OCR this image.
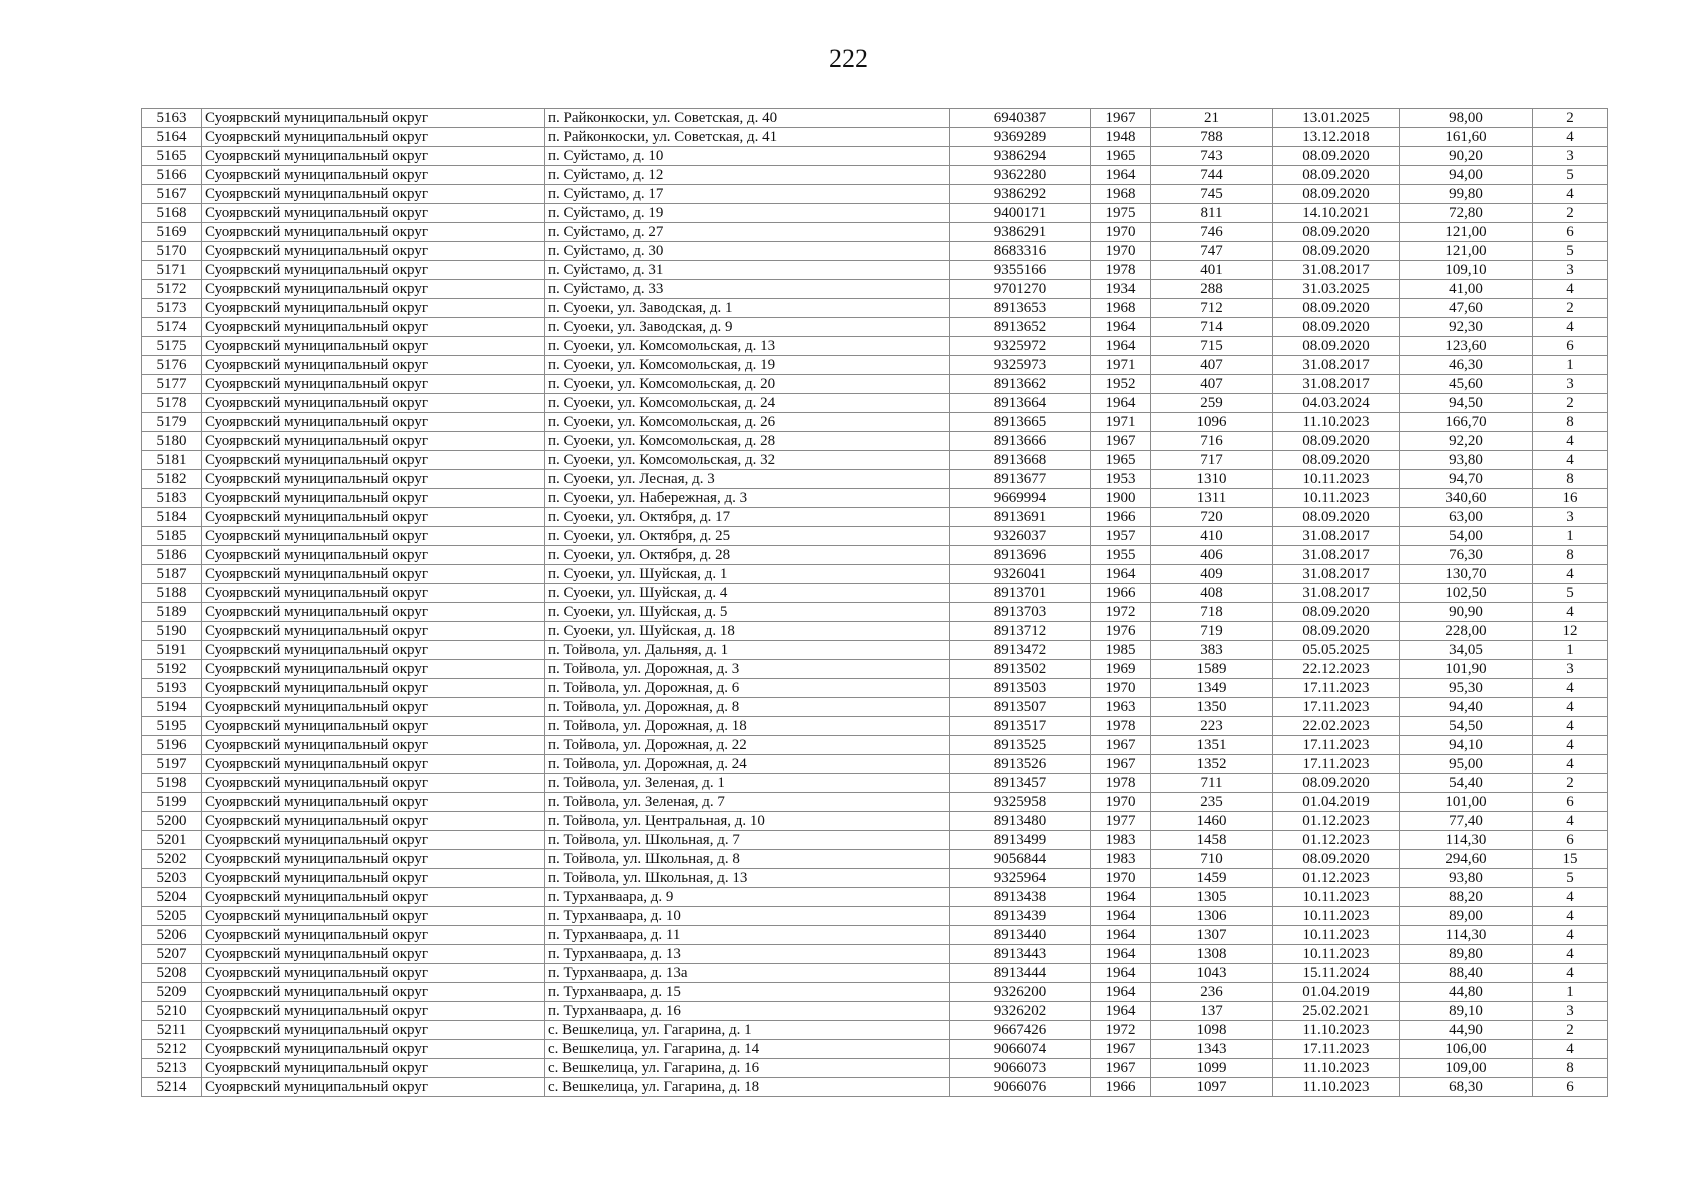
222
5163	Суоярвский муниципальный округ	п. Райконкоски, ул. Советская, д. 40	6940387	1967	21	13.01.2025	98,00	2
5164	Суоярвский муниципальный округ	п. Райконкоски, ул. Советская, д. 41	9369289	1948	788	13.12.2018	161,60	4
5165	Суоярвский муниципальный округ	п. Суйстамо, д. 10	9386294	1965	743	08.09.2020	90,20	3
5166	Суоярвский муниципальный округ	п. Суйстамо, д. 12	9362280	1964	744	08.09.2020	94,00	5
5167	Суоярвский муниципальный округ	п. Суйстамо, д. 17	9386292	1968	745	08.09.2020	99,80	4
5168	Суоярвский муниципальный округ	п. Суйстамо, д. 19	9400171	1975	811	14.10.2021	72,80	2
5169	Суоярвский муниципальный округ	п. Суйстамо, д. 27	9386291	1970	746	08.09.2020	121,00	6
5170	Суоярвский муниципальный округ	п. Суйстамо, д. 30	8683316	1970	747	08.09.2020	121,00	5
5171	Суоярвский муниципальный округ	п. Суйстамо, д. 31	9355166	1978	401	31.08.2017	109,10	3
5172	Суоярвский муниципальный округ	п. Суйстамо, д. 33	9701270	1934	288	31.03.2025	41,00	4
5173	Суоярвский муниципальный округ	п. Суоеки, ул. Заводская, д. 1	8913653	1968	712	08.09.2020	47,60	2
5174	Суоярвский муниципальный округ	п. Суоеки, ул. Заводская, д. 9	8913652	1964	714	08.09.2020	92,30	4
5175	Суоярвский муниципальный округ	п. Суоеки, ул. Комсомольская, д. 13	9325972	1964	715	08.09.2020	123,60	6
5176	Суоярвский муниципальный округ	п. Суоеки, ул. Комсомольская, д. 19	9325973	1971	407	31.08.2017	46,30	1
5177	Суоярвский муниципальный округ	п. Суоеки, ул. Комсомольская, д. 20	8913662	1952	407	31.08.2017	45,60	3
5178	Суоярвский муниципальный округ	п. Суоеки, ул. Комсомольская, д. 24	8913664	1964	259	04.03.2024	94,50	2
5179	Суоярвский муниципальный округ	п. Суоеки, ул. Комсомольская, д. 26	8913665	1971	1096	11.10.2023	166,70	8
5180	Суоярвский муниципальный округ	п. Суоеки, ул. Комсомольская, д. 28	8913666	1967	716	08.09.2020	92,20	4
5181	Суоярвский муниципальный округ	п. Суоеки, ул. Комсомольская, д. 32	8913668	1965	717	08.09.2020	93,80	4
5182	Суоярвский муниципальный округ	п. Суоеки, ул. Лесная, д. 3	8913677	1953	1310	10.11.2023	94,70	8
5183	Суоярвский муниципальный округ	п. Суоеки, ул. Набережная, д. 3	9669994	1900	1311	10.11.2023	340,60	16
5184	Суоярвский муниципальный округ	п. Суоеки, ул. Октября, д. 17	8913691	1966	720	08.09.2020	63,00	3
5185	Суоярвский муниципальный округ	п. Суоеки, ул. Октября, д. 25	9326037	1957	410	31.08.2017	54,00	1
5186	Суоярвский муниципальный округ	п. Суоеки, ул. Октября, д. 28	8913696	1955	406	31.08.2017	76,30	8
5187	Суоярвский муниципальный округ	п. Суоеки, ул. Шуйская, д. 1	9326041	1964	409	31.08.2017	130,70	4
5188	Суоярвский муниципальный округ	п. Суоеки, ул. Шуйская, д. 4	8913701	1966	408	31.08.2017	102,50	5
5189	Суоярвский муниципальный округ	п. Суоеки, ул. Шуйская, д. 5	8913703	1972	718	08.09.2020	90,90	4
5190	Суоярвский муниципальный округ	п. Суоеки, ул. Шуйская, д. 18	8913712	1976	719	08.09.2020	228,00	12
5191	Суоярвский муниципальный округ	п. Тойвола, ул. Дальняя, д. 1	8913472	1985	383	05.05.2025	34,05	1
5192	Суоярвский муниципальный округ	п. Тойвола, ул. Дорожная, д. 3	8913502	1969	1589	22.12.2023	101,90	3
5193	Суоярвский муниципальный округ	п. Тойвола, ул. Дорожная, д. 6	8913503	1970	1349	17.11.2023	95,30	4
5194	Суоярвский муниципальный округ	п. Тойвола, ул. Дорожная, д. 8	8913507	1963	1350	17.11.2023	94,40	4
5195	Суоярвский муниципальный округ	п. Тойвола, ул. Дорожная, д. 18	8913517	1978	223	22.02.2023	54,50	4
5196	Суоярвский муниципальный округ	п. Тойвола, ул. Дорожная, д. 22	8913525	1967	1351	17.11.2023	94,10	4
5197	Суоярвский муниципальный округ	п. Тойвола, ул. Дорожная, д. 24	8913526	1967	1352	17.11.2023	95,00	4
5198	Суоярвский муниципальный округ	п. Тойвола, ул. Зеленая, д. 1	8913457	1978	711	08.09.2020	54,40	2
5199	Суоярвский муниципальный округ	п. Тойвола, ул. Зеленая, д. 7	9325958	1970	235	01.04.2019	101,00	6
5200	Суоярвский муниципальный округ	п. Тойвола, ул. Центральная, д. 10	8913480	1977	1460	01.12.2023	77,40	4
5201	Суоярвский муниципальный округ	п. Тойвола, ул. Школьная, д. 7	8913499	1983	1458	01.12.2023	114,30	6
5202	Суоярвский муниципальный округ	п. Тойвола, ул. Школьная, д. 8	9056844	1983	710	08.09.2020	294,60	15
5203	Суоярвский муниципальный округ	п. Тойвола, ул. Школьная, д. 13	9325964	1970	1459	01.12.2023	93,80	5
5204	Суоярвский муниципальный округ	п. Турханваара, д. 9	8913438	1964	1305	10.11.2023	88,20	4
5205	Суоярвский муниципальный округ	п. Турханваара, д. 10	8913439	1964	1306	10.11.2023	89,00	4
5206	Суоярвский муниципальный округ	п. Турханваара, д. 11	8913440	1964	1307	10.11.2023	114,30	4
5207	Суоярвский муниципальный округ	п. Турханваара, д. 13	8913443	1964	1308	10.11.2023	89,80	4
5208	Суоярвский муниципальный округ	п. Турханваара, д. 13а	8913444	1964	1043	15.11.2024	88,40	4
5209	Суоярвский муниципальный округ	п. Турханваара, д. 15	9326200	1964	236	01.04.2019	44,80	1
5210	Суоярвский муниципальный округ	п. Турханваара, д. 16	9326202	1964	137	25.02.2021	89,10	3
5211	Суоярвский муниципальный округ	с. Вешкелица, ул. Гагарина, д. 1	9667426	1972	1098	11.10.2023	44,90	2
5212	Суоярвский муниципальный округ	с. Вешкелица, ул. Гагарина, д. 14	9066074	1967	1343	17.11.2023	106,00	4
5213	Суоярвский муниципальный округ	с. Вешкелица, ул. Гагарина, д. 16	9066073	1967	1099	11.10.2023	109,00	8
5214	Суоярвский муниципальный округ	с. Вешкелица, ул. Гагарина, д. 18	9066076	1966	1097	11.10.2023	68,30	6
